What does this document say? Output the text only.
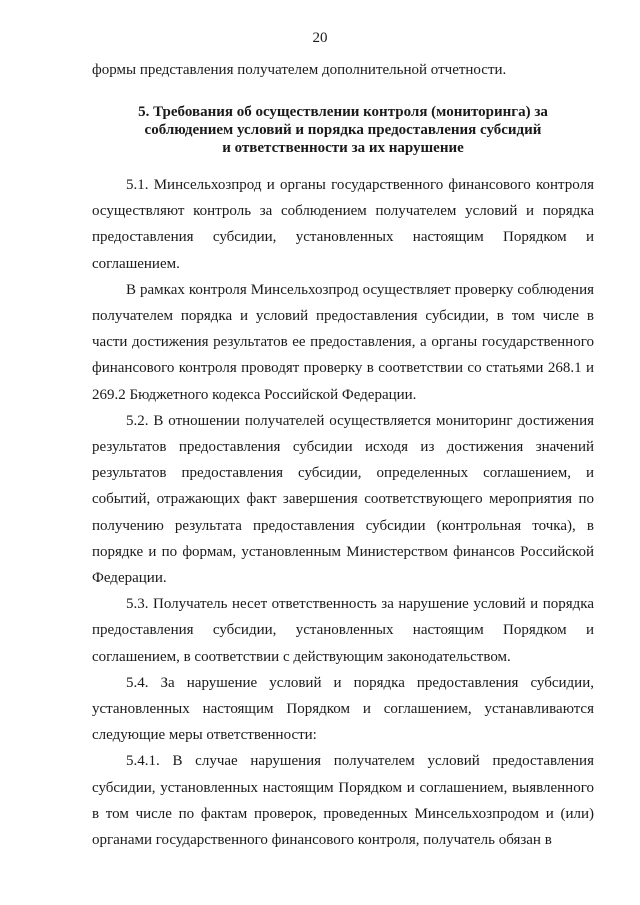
20

формы представления получателем дополнительной отчетности.

5. Требования об осуществлении контроля (мониторинга) за
соблюдением условий и порядка предоставления субсидий
и ответственности за их нарушение

5.1. Минсельхозпрод и органы государственного финансового контроля осуществляют контроль за соблюдением получателем условий и порядка предоставления субсидии, установленных настоящим Порядком и соглашением.

В рамках контроля Минсельхозпрод осуществляет проверку соблюдения получателем порядка и условий предоставления субсидии, в том числе в части достижения результатов ее предоставления, а органы государственного финансового контроля проводят проверку в соответствии со статьями 268.1 и 269.2 Бюджетного кодекса Российской Федерации.

5.2. В отношении получателей осуществляется мониторинг достижения результатов предоставления субсидии исходя из достижения значений результатов предоставления субсидии, определенных соглашением, и событий, отражающих факт завершения соответствующего мероприятия по получению результата предоставления субсидии (контрольная точка), в порядке и по формам, установленным Министерством финансов Российской Федерации.

5.3. Получатель несет ответственность за нарушение условий и порядка предоставления субсидии, установленных настоящим Порядком и соглашением, в соответствии с действующим законодательством.

5.4. За нарушение условий и порядка предоставления субсидии, установленных настоящим Порядком и соглашением, устанавливаются следующие меры ответственности:

5.4.1. В случае нарушения получателем условий предоставления субсидии, установленных настоящим Порядком и соглашением, выявленного в том числе по фактам проверок, проведенных Минсельхозпродом и (или) органами государственного финансового контроля, получатель обязан в
